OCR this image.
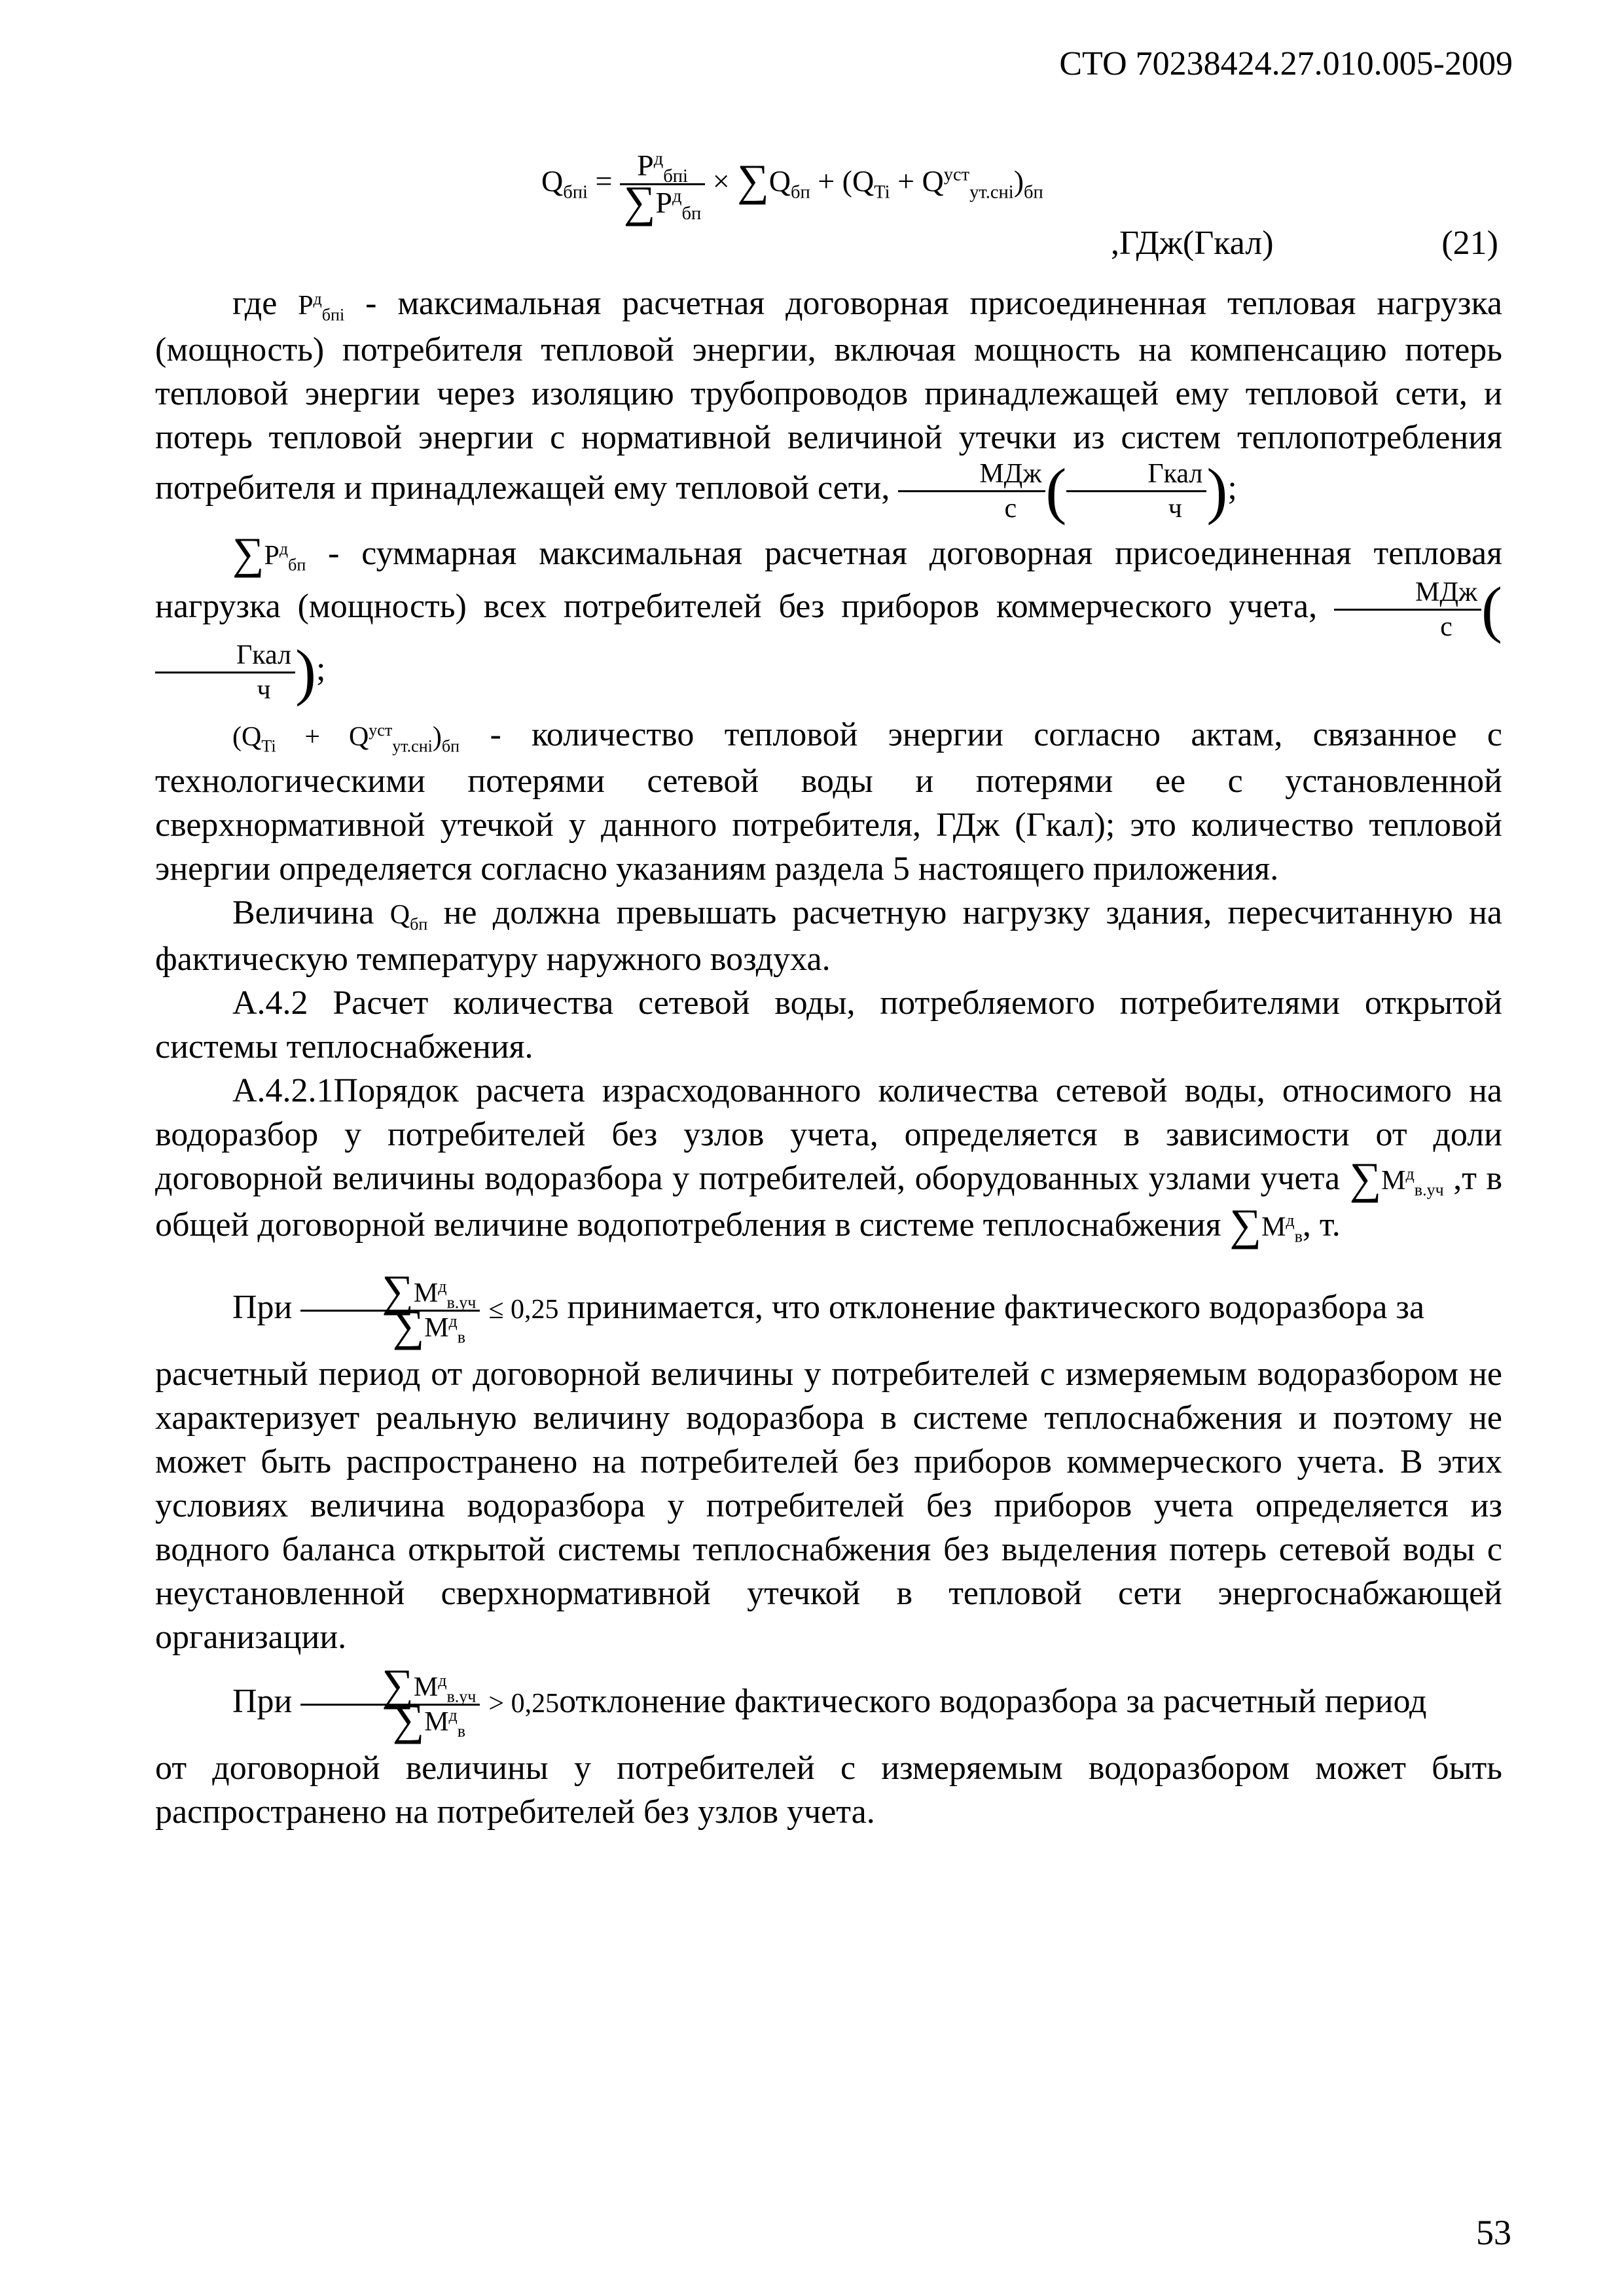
СТО 70238424.27.010.005-2009
$Q_{бпi} = \frac{P^д_{бпi}}{\sum P^д_{бп}} \times \sum Q_{бп} + (Q_{Ti} + Q^{уст}_{ут.снi})_{бп}$
,ГДж(Гкал)	(21)

где $P^д_{бпi}$ - максимальная расчетная договорная присоединенная тепловая нагрузка (мощность) потребителя тепловой энергии, включая мощность на компенсацию потерь тепловой энергии через изоляцию трубопроводов принадлежащей ему тепловой сети, и потерь тепловой энергии с нормативной величиной утечки из систем теплопотребления потребителя и принадлежащей ему тепловой сети, $\frac{\text{МДж}}{с}$ ( $\frac{\text{Гкал}}{ч}$ );

$\sum P^д_{бп}$ - суммарная максимальная расчетная договорная присоединенная тепловая нагрузка (мощность) всех потребителей без приборов коммерческого учета, $\frac{\text{МДж}}{с}$ (
$\frac{\text{Гкал}}{ч}$ );

$(Q_{Ti} + Q^{уст}_{ут.снi})_{бп}$ - количество тепловой энергии согласно актам, связанное с технологическими потерями сетевой воды и потерями ее с установленной сверхнормативной утечкой у данного потребителя, ГДж (Гкал); это количество тепловой энергии определяется согласно указаниям раздела 5 настоящего приложения.

Величина $Q_{бп}$ не должна превышать расчетную нагрузку здания, пересчитанную на фактическую температуру наружного воздуха.

А.4.2 Расчет количества сетевой воды, потребляемого потребителями открытой системы теплоснабжения.

А.4.2.1Порядок расчета израсходованного количества сетевой воды, относимого на водоразбор у потребителей без узлов учета, определяется в зависимости от доли договорной величины водоразбора у потребителей, оборудованных узлами учета $\sum M^д_{в.уч}$ ,т в общей договорной величине водопотребления в системе теплоснабжения $\sum M^д_в$, т.

При $\frac{\sum M^д_{в.уч}}{\sum M^д_в} \le 0,25$ принимается, что отклонение фактического водоразбора за

расчетный период от договорной величины у потребителей с измеряемым водоразбором не характеризует реальную величину водоразбора в системе теплоснабжения и поэтому не может быть распространено на потребителей без приборов коммерческого учета. В этих условиях величина водоразбора у потребителей без приборов учета определяется из водного баланса открытой системы теплоснабжения без выделения потерь сетевой воды с неустановленной сверхнормативной утечкой в тепловой сети энергоснабжающей организации.

При $\frac{\sum M^д_{в.уч}}{\sum M^д_в}$ > 0,25отклонение фактического водоразбора за расчетный период

от договорной величины у потребителей с измеряемым водоразбором может быть распространено на потребителей без узлов учета.

53
